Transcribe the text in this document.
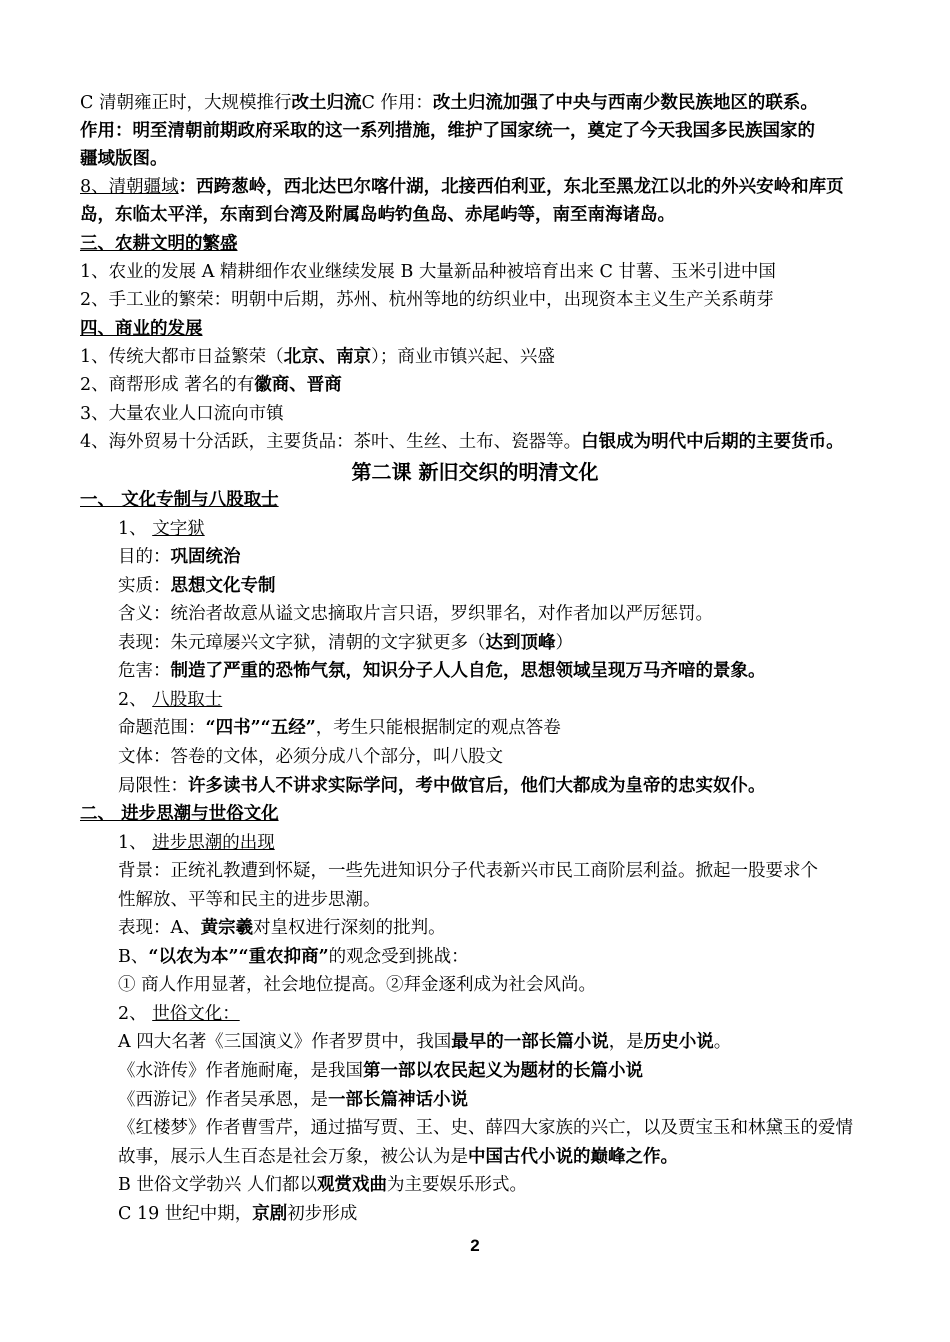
C 清朝雍正时，大规模推行改土归流C 作用：改土归流加强了中央与西南少数民族地区的联系。
作用：明至清朝前期政府采取的这一系列措施，维护了国家统一，奠定了今天我国多民族国家的
疆域版图。
8、清朝疆域：西跨葱岭，西北达巴尔喀什湖，北接西伯利亚，东北至黑龙江以北的外兴安岭和库页
岛，东临太平洋，东南到台湾及附属岛屿钓鱼岛、赤尾屿等，南至南海诸岛。
三、农耕文明的繁盛
1、农业的发展 A 精耕细作农业继续发展 B 大量新品种被培育出来 C 甘薯、玉米引进中国
2、手工业的繁荣：明朝中后期，苏州、杭州等地的纺织业中，出现资本主义生产关系萌芽
四、商业的发展
1、传统大都市日益繁荣（北京、南京）；商业市镇兴起、兴盛
2、商帮形成 著名的有徽商、晋商
3、大量农业人口流向市镇
4、海外贸易十分活跃，主要货品：茶叶、生丝、土布、瓷器等。白银成为明代中后期的主要货币。
第二课 新旧交织的明清文化
一、 文化专制与八股取士
1、 文字狱
目的：巩固统治
实质：思想文化专制
含义：统治者故意从谥文忠摘取片言只语，罗织罪名，对作者加以严厉惩罚。
表现：朱元璋屡兴文字狱，清朝的文字狱更多（达到顶峰）
危害：制造了严重的恐怖气氛，知识分子人人自危，思想领域呈现万马齐喑的景象。
2、 八股取士
命题范围：“四书”“五经”，考生只能根据制定的观点答卷
文体：答卷的文体，必须分成八个部分，叫八股文
局限性：许多读书人不讲求实际学问，考中做官后，他们大都成为皇帝的忠实奴仆。
二、 进步思潮与世俗文化
1、 进步思潮的出现
背景：正统礼教遭到怀疑，一些先进知识分子代表新兴市民工商阶层利益。掀起一股要求个
性解放、平等和民主的进步思潮。
表现：A、黄宗羲对皇权进行深刻的批判。
B、“以农为本”“重农抑商”的观念受到挑战：
① 商人作用显著，社会地位提高。②拜金逐利成为社会风尚。
2、 世俗文化：
A 四大名著《三国演义》作者罗贯中，我国最早的一部长篇小说，是历史小说。
《水浒传》作者施耐庵，是我国第一部以农民起义为题材的长篇小说
《西游记》作者吴承恩，是一部长篇神话小说
《红楼梦》作者曹雪芹，通过描写贾、王、史、薛四大家族的兴亡，以及贾宝玉和林黛玉的爱情
故事，展示人生百态是社会万象，被公认为是中国古代小说的巅峰之作。
B 世俗文学勃兴 人们都以观赏戏曲为主要娱乐形式。
C 19 世纪中期，京剧初步形成
2
